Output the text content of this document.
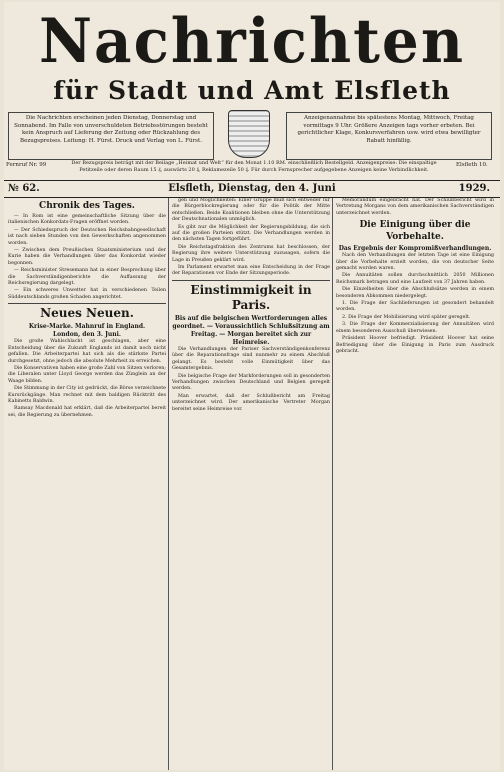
Nachrichten
für Stadt und Amt Elsfleth
Die Nachrichten erscheinen jeden Dienstag, Donnerstag und Sonnabend. Im Falle von unverschuldeten Betriebsstörungen besteht kein Anspruch auf Lieferung der Zeitung oder Rückzahlung des Bezugspreises. Leitung: H. Fürst. Druck und Verlag von L. Fürst.
Anzeigenannahme bis spätestens Montag, Mittwoch, Freitag vormittags 9 Uhr. Größere Anzeigen tags vorher erbeten. Bei gerichtlicher Klage, Konkursverfahren usw. wird etwa bewilligter Rabatt hinfällig.
Fernruf Nr. 99	Elsfleth 10.
Der Bezugspreis beträgt mit der Beilage „Heimat und Welt“ für den Monat 1.10 RM. einschließlich Bestellgeld. Anzeigenpreise: Die einspaltige Petitzeile oder deren Raum 15 ₰, auswärts 20 ₰, Reklamezeile 50 ₰. Für durch Fernsprecher aufgegebene Anzeigen keine Verbindlichkeit.
№ 62.	Elsfleth, Dienstag, den 4. Juni	1929.
Chronik des Tages.

— In Rom ist eine gemeinschaftliche Sitzung über die italienischen Konkordats-Fragen eröffnet worden.

— Der Schiedsspruch der Deutschen Reichsbahngesellschaft ist nach sieben Stunden von den Gewerkschaften angenommen worden.

— Zwischen dem Preußischen Staatsministerium und der Kurie haben die Verhandlungen über das Konkordat wieder begonnen.

— Reichsminister Stresemann hat in einer Besprechung über die Sachverständigenberichte die Auffassung der Reichsregierung dargelegt.

— Ein schweres Unwetter hat in verschiedenen Teilen Süddeutschlands großen Schaden angerichtet.

Neues Neuen.
Krise-Marke. Mahnruf in England.
London, den 3. Juni.

Die große Wahlschlacht ist geschlagen, aber eine Entscheidung über die Zukunft Englands ist damit noch nicht gefallen. Die Arbeiterpartei hat sich als die stärkste Partei durchgesetzt, ohne jedoch die absolute Mehrheit zu erreichen.

Die Konservativen haben eine große Zahl von Sitzen verloren; die Liberalen unter Lloyd George werden das Zünglein an der Waage bilden.

Die Stimmung in der City ist gedrückt, die Börse verzeichnete Kursrückgänge. Man rechnet mit dem baldigen Rücktritt des Kabinetts Baldwin.

Ramsay Macdonald hat erklärt, daß die Arbeiterpartei bereit sei, die Regierung zu übernehmen.

gen und Möglichkeiten: Einer Gruppe muß sich entweder für die Bürgerblockregierung oder für die Politik der Mitte entschließen. Beide Koalitionen bleiben ohne die Unterstützung der Deutschnationalen unmöglich.

Es gibt nur die Möglichkeit der Regierungsbildung, die sich auf die großen Parteien stützt. Die Verhandlungen werden in den nächsten Tagen fortgeführt.

Die Reichstagsfraktion des Zentrums hat beschlossen, der Regierung ihre weitere Unterstützung zuzusagen, sofern die Lage in Preußen geklärt wird.

Im Parlament erwartet man eine Entscheidung in der Frage der Reparationen vor Ende der Sitzungsperiode.

Einstimmigkeit in Paris.
Bis auf die belgischen Wertforderungen alles geordnet. — Voraussichtlich Schlußsitzung am Freitag. — Morgan bereitet sich zur Heimreise.

Die Verhandlungen der Pariser Sachverständigenkonferenz über die Reparationsfrage sind nunmehr zu einem Abschluß gelangt. Es besteht volle Einmütigkeit über das Gesamtergebnis.

Die belgische Frage der Markforderungen soll in gesonderten Verhandlungen zwischen Deutschland und Belgien geregelt werden.

Man erwartet, daß der Schlußbericht am Freitag unterzeichnet wird. Der amerikanische Vertreter Morgan bereitet seine Heimreise vor.

Memorandum eingebracht hat. Der Schlußbericht wird in Vertretung Morgans von dem amerikanischen Sachverständigen unterzeichnet werden.

Die Einigung über die Vorbehalte.
Das Ergebnis der Kompromißverhandlungen.

Nach den Verhandlungen der letzten Tage ist eine Einigung über die Vorbehalte erzielt worden, die von deutscher Seite gemacht worden waren.

Die Annuitäten sollen durchschnittlich 2050 Millionen Reichsmark betragen und eine Laufzeit von 37 Jahren haben.

Die Einzelheiten über die Abschlußsätze werden in einem besonderen Abkommen niedergelegt.

1. Die Frage der Sachlieferungen ist gesondert behandelt worden.

2. Die Frage der Mobilisierung wird später geregelt.

3. Die Frage der Kommerzialisierung der Annuitäten wird einem besonderen Ausschuß überwiesen.

Präsident Hoover befriedigt. Präsident Hoover hat seine Befriedigung über die Einigung in Paris zum Ausdruck gebracht.
